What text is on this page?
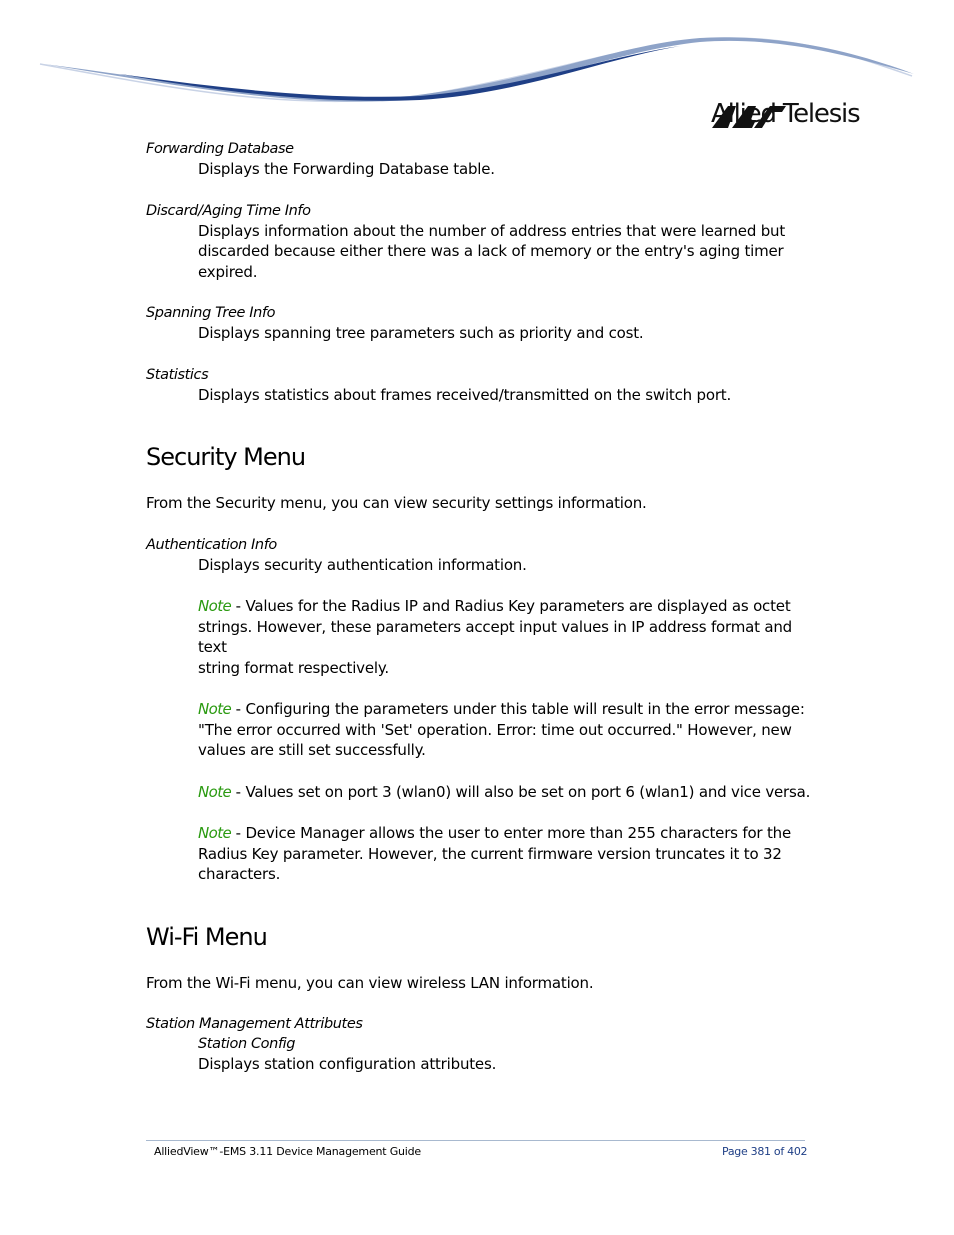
Allied Telesis
Forwarding Database
Displays the Forwarding Database table.
Discard/Aging Time Info
Displays information about the number of address entries that were learned but
discarded because either there was a lack of memory or the entry's aging timer
expired.
Spanning Tree Info
Displays spanning tree parameters such as priority and cost.
Statistics
Displays statistics about frames received/transmitted on the switch port.
Security Menu
From the Security menu, you can view security settings information.
Authentication Info
Displays security authentication information.
Note - Values for the Radius IP and Radius Key parameters are displayed as octet
strings. However, these parameters accept input values in IP address format and text
string format respectively.
Note - Configuring the parameters under this table will result in the error message:
"The error occurred with 'Set' operation. Error: time out occurred." However, new
values are still set successfully.
Note - Values set on port 3 (wlan0) will also be set on port 6 (wlan1) and vice versa.
Note - Device Manager allows the user to enter more than 255 characters for the
Radius Key parameter. However, the current firmware version truncates it to 32
characters.
Wi-Fi Menu
From the Wi-Fi menu, you can view wireless LAN information.
Station Management Attributes
Station Config
Displays station configuration attributes.
AlliedView™-EMS 3.11 Device Management Guide	Page 381 of 402
